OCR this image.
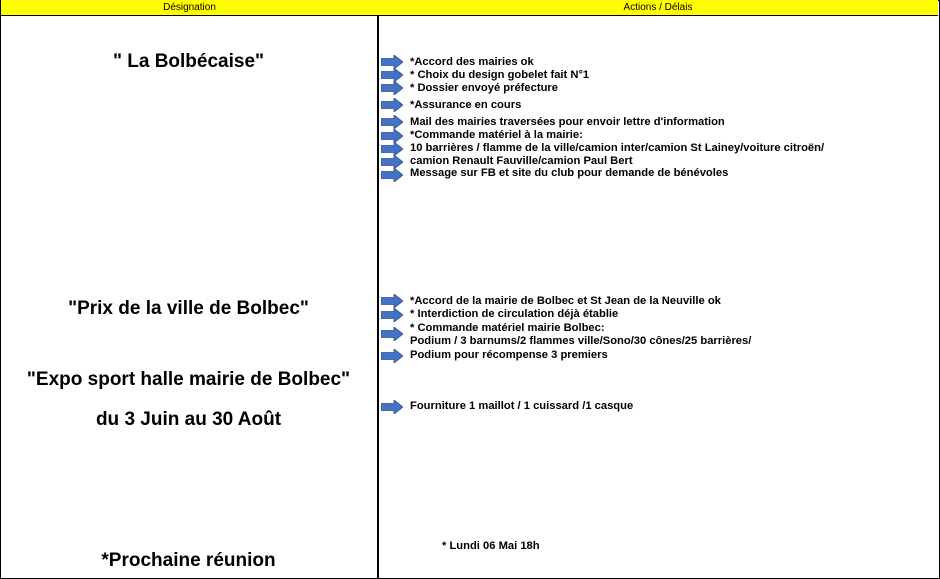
Désignation	Actions / Délais
" La Bolbécaise"
"Prix de la ville de Bolbec"
"Expo sport halle mairie de Bolbec"
du 3 Juin au 30 Août
*Prochaine réunion
*Accord des mairies ok
* Choix du design gobelet fait N°1
* Dossier envoyé préfecture
*Assurance en cours
Mail des mairies traversées pour envoir lettre d'information
*Commande matériel à la mairie:
10 barrières / flamme de la ville/camion inter/camion St Lainey/voiture citroën/
camion Renault Fauville/camion Paul Bert
Message sur FB et site du club pour demande de bénévoles
*Accord de la mairie de Bolbec et St Jean de la Neuville ok
* Interdiction de circulation déjà établie
* Commande matériel mairie Bolbec:
Podium / 3 barnums/2 flammes ville/Sono/30 cônes/25 barrières/
Podium pour récompense 3 premiers
Fourniture 1 maillot / 1 cuissard /1 casque
* Lundi 06 Mai 18h
